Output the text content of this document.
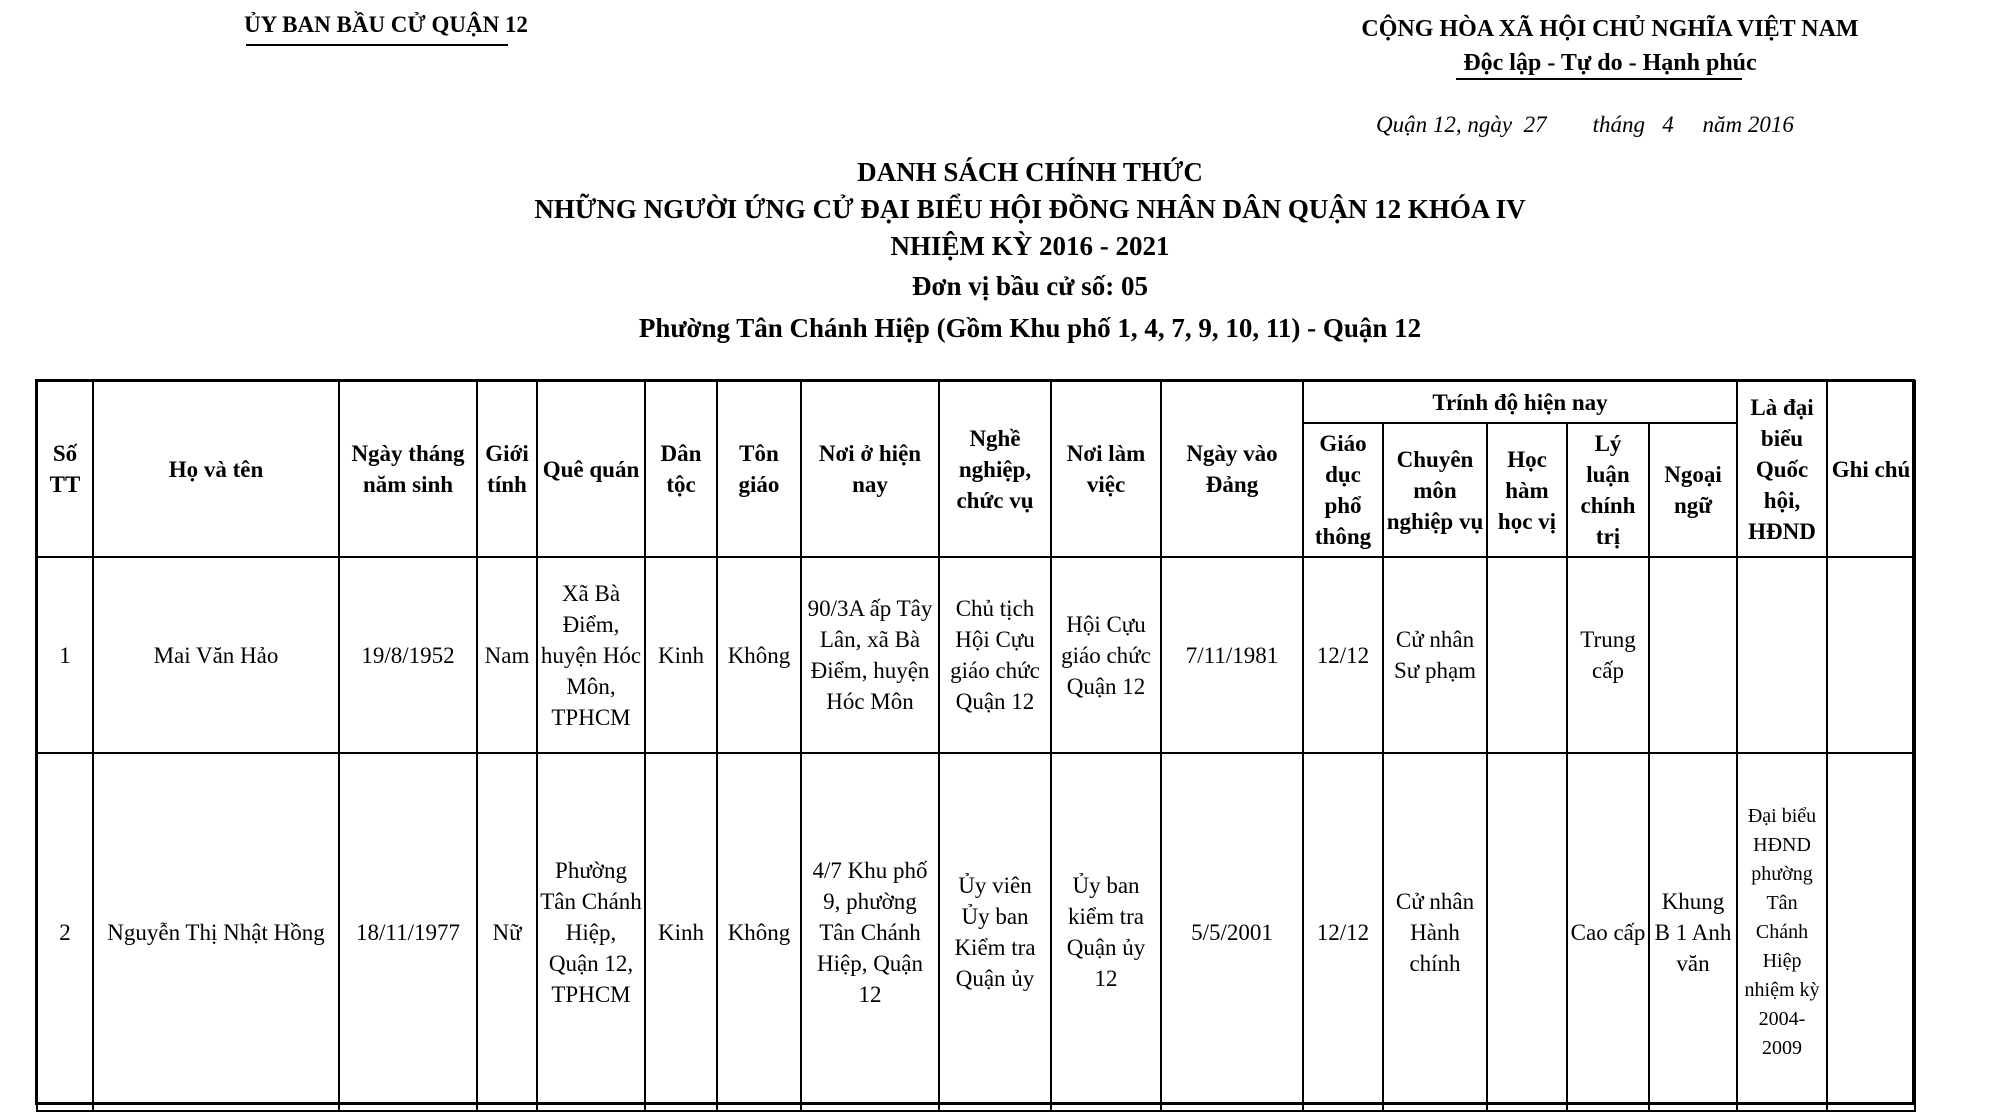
ỦY BAN BẦU CỬ QUẬN 12	CỘNG HÒA XÃ HỘI CHỦ NGHĨA VIỆT NAM
Độc lập - Tự do - Hạnh phúc
Quận 12, ngày  27        tháng   4     năm 2016
DANH SÁCH CHÍNH THỨC
NHỮNG NGƯỜI ỨNG CỬ ĐẠI BIỂU HỘI ĐỒNG NHÂN DÂN QUẬN 12 KHÓA IV
NHIỆM KỲ 2016 - 2021
Đơn vị bầu cử số: 05
Phường Tân Chánh Hiệp (Gồm Khu phố 1, 4, 7, 9, 10, 11) - Quận 12
Số TT	Họ và tên	Ngày tháng năm sinh	Giới tính	Quê quán	Dân tộc	Tôn giáo	Nơi ở hiện nay	Nghề nghiệp, chức vụ	Nơi làm việc	Ngày vào Đảng	Trính độ hiện nay					Là đại biểu Quốc hội, HĐND	Ghi chú
											Giáo dục phổ thông	Chuyên môn nghiệp vụ	Học hàm học vị	Lý luận chính trị	Ngoại ngữ		
1	Mai Văn Hảo	19/8/1952	Nam	Xã Bà Điểm, huyện Hóc Môn, TPHCM	Kinh	Không	90/3A ấp Tây Lân, xã Bà Điểm, huyện Hóc Môn	Chủ tịch Hội Cựu giáo chức Quận 12	Hội Cựu giáo chức Quận 12	7/11/1981	12/12	Cử nhân Sư phạm		Trung cấp			
2	Nguyễn Thị Nhật Hồng	18/11/1977	Nữ	Phường Tân Chánh Hiệp, Quận 12, TPHCM	Kinh	Không	4/7 Khu phố 9, phường Tân Chánh Hiệp, Quận 12	Ủy viên Ủy ban Kiểm tra Quận ủy	Ủy ban kiểm tra Quận ủy 12	5/5/2001	12/12	Cử nhân Hành chính		Cao cấp	Khung B 1 Anh văn	Đại biểu HĐND phường Tân Chánh Hiệp nhiệm kỳ 2004-2009	
